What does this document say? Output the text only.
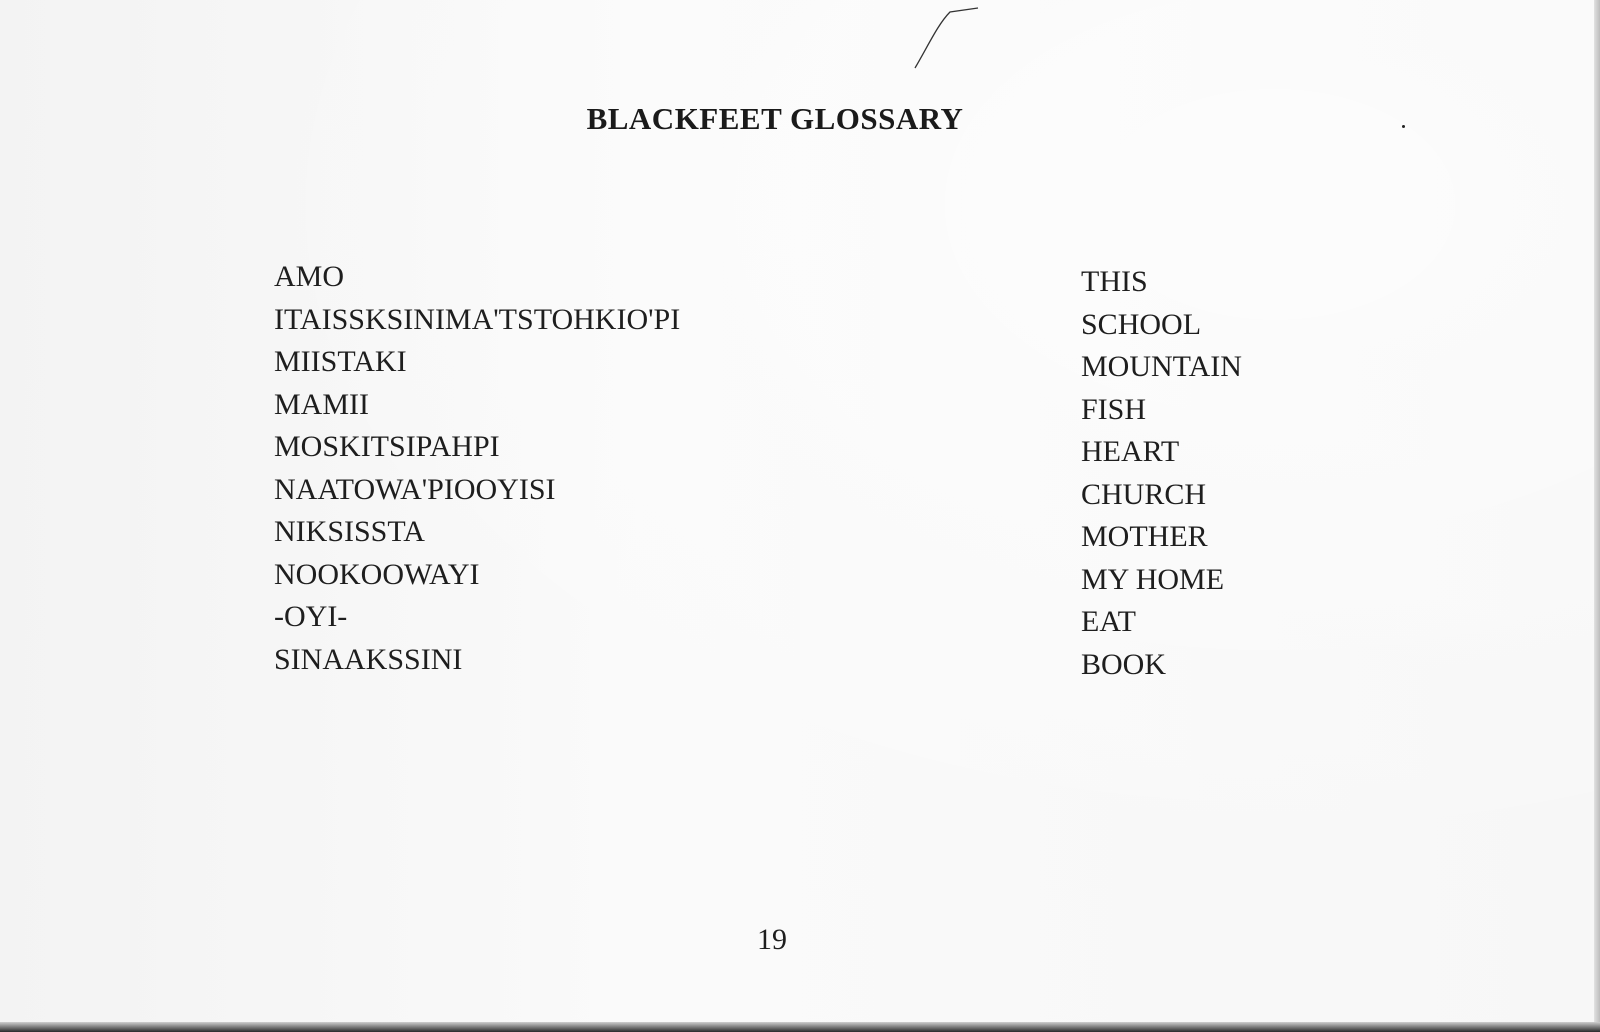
BLACKFEET GLOSSARY
AMO
ITAISSKSINIMA'TSTOHKIO'PI
MIISTAKI
MAMII
MOSKITSIPAHPI
NAATOWA'PIOOYISI
NIKSISSTA
NOOKOOWAYI
-OYI-
SINAAKSSINI
THIS
SCHOOL
MOUNTAIN
FISH
HEART
CHURCH
MOTHER
MY HOME
EAT
BOOK
19
